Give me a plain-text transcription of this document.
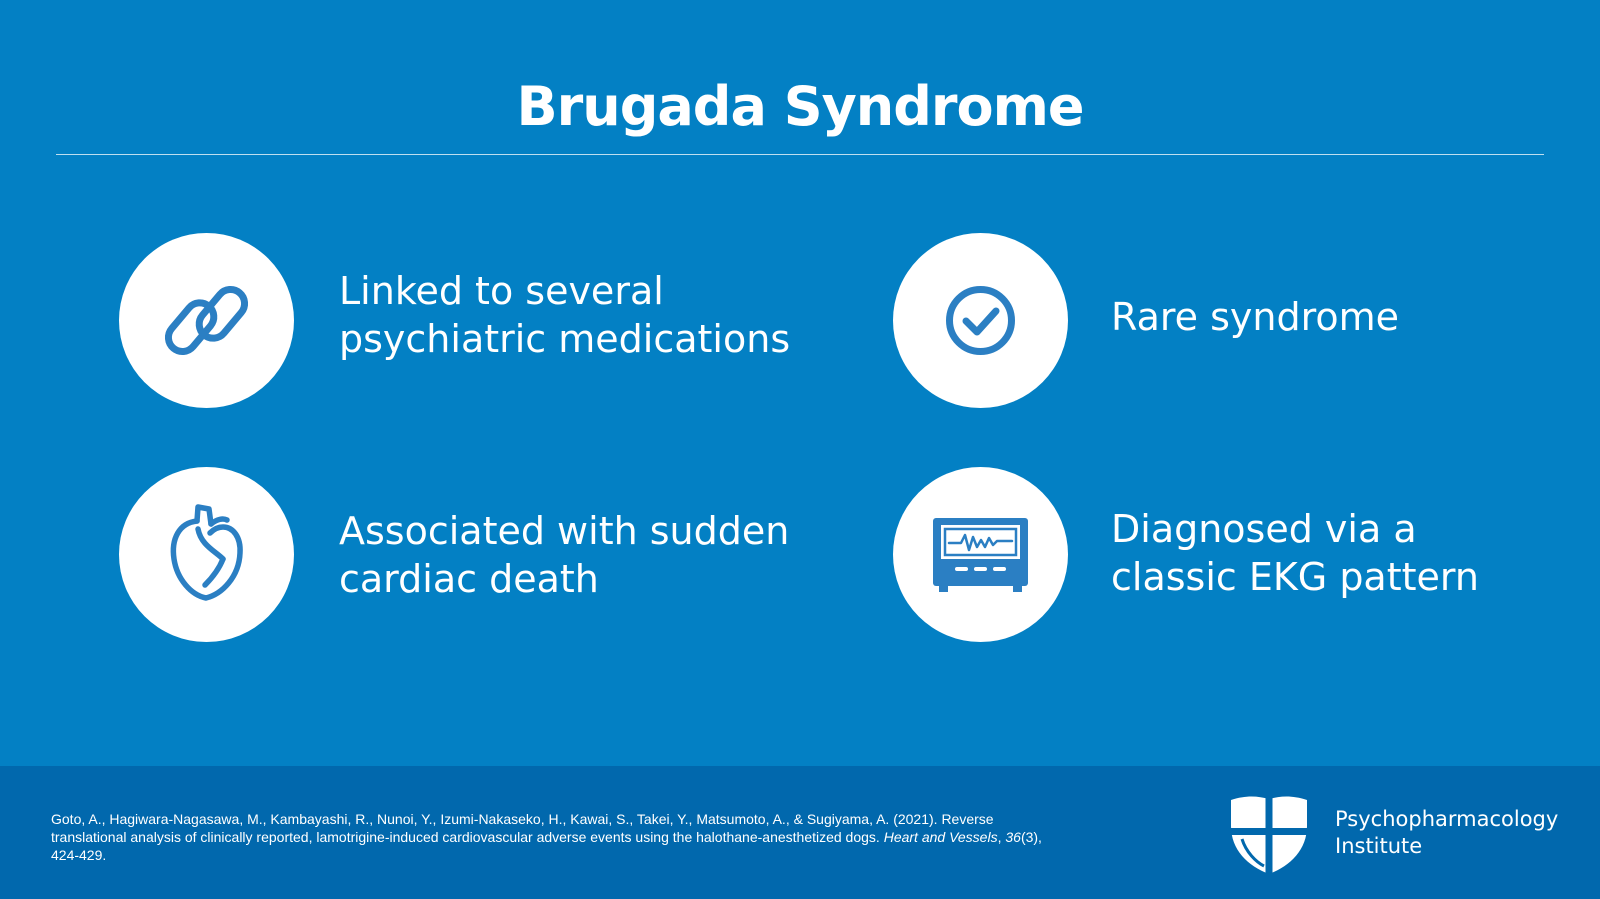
Brugada Syndrome

Linked to several
psychiatric medications	Rare syndrome

Associated with sudden
cardiac death

Diagnosed via a
classic EKG pattern

Goto, A., Hagiwara-Nagasawa, M., Kambayashi, R., Nunoi, Y., Izumi-Nakaseko, H., Kawai, S., Takei, Y., Matsumoto, A., & Sugiyama, A. (2021). Reverse translational analysis of clinically reported, lamotrigine-induced cardiovascular adverse events using the halothane-anesthetized dogs. Heart and Vessels, 36(3), 424-429.
Psychopharmacology
Institute
